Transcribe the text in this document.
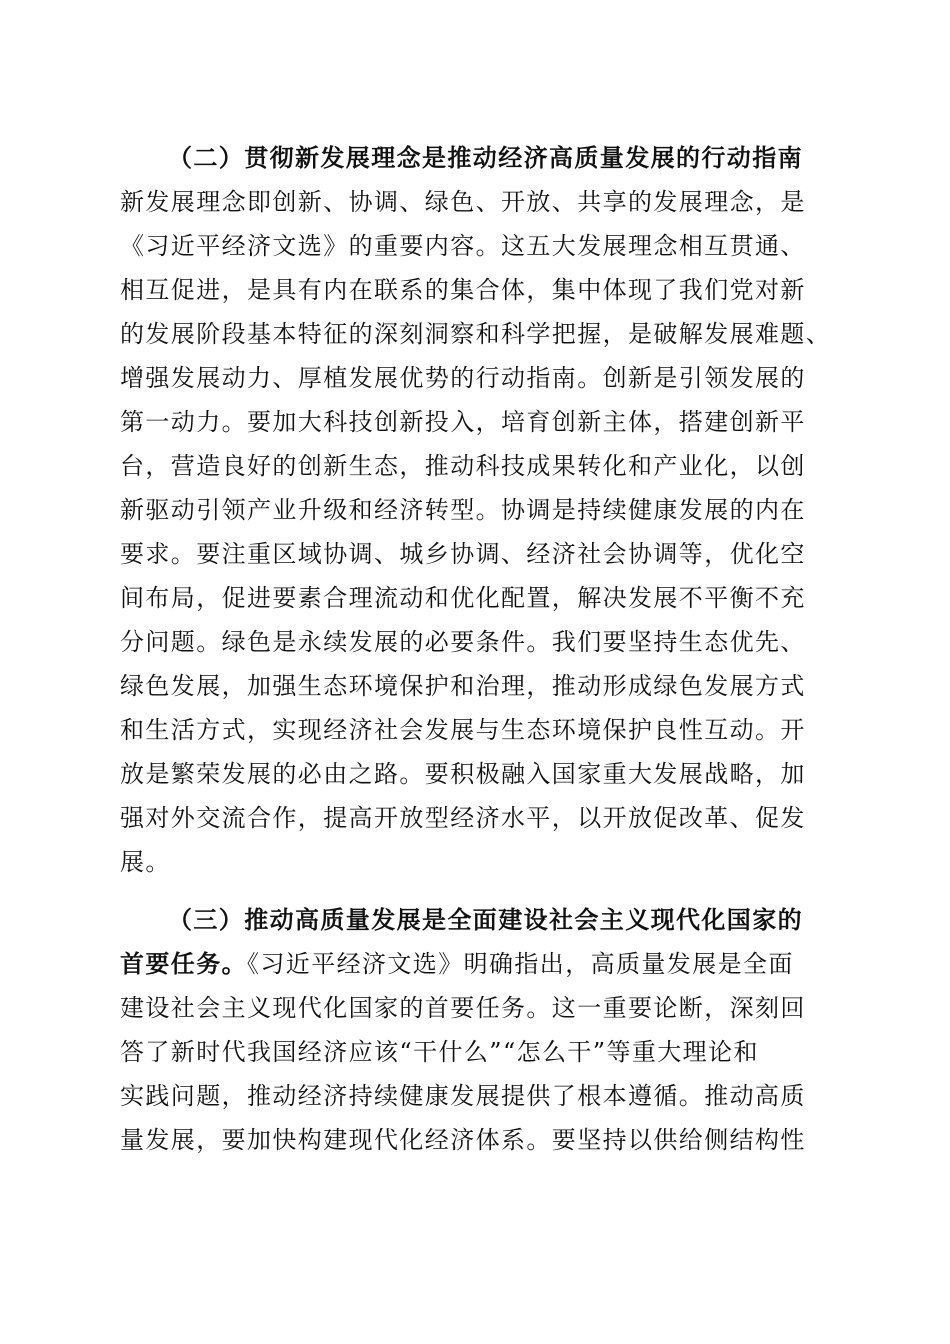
（二）贯彻新发展理念是推动经济高质量发展的行动指南
新发展理念即创新、协调、绿色、开放、共享的发展理念，是
《习近平经济文选》的重要内容。这五大发展理念相互贯通、
相互促进，是具有内在联系的集合体，集中体现了我们党对新
的发展阶段基本特征的深刻洞察和科学把握，是破解发展难题、
增强发展动力、厚植发展优势的行动指南。创新是引领发展的
第一动力。要加大科技创新投入，培育创新主体，搭建创新平
台，营造良好的创新生态，推动科技成果转化和产业化，以创
新驱动引领产业升级和经济转型。协调是持续健康发展的内在
要求。要注重区域协调、城乡协调、经济社会协调等，优化空
间布局，促进要素合理流动和优化配置，解决发展不平衡不充
分问题。绿色是永续发展的必要条件。我们要坚持生态优先、
绿色发展，加强生态环境保护和治理，推动形成绿色发展方式
和生活方式，实现经济社会发展与生态环境保护良性互动。开
放是繁荣发展的必由之路。要积极融入国家重大发展战略，加
强对外交流合作，提高开放型经济水平，以开放促改革、促发
展。
（三）推动高质量发展是全面建设社会主义现代化国家的
首要任务。《习近平经济文选》明确指出，高质量发展是全面
建设社会主义现代化国家的首要任务。这一重要论断，深刻回
答了新时代我国经济应该“干什么”“怎么干”等重大理论和
实践问题，推动经济持续健康发展提供了根本遵循。推动高质
量发展，要加快构建现代化经济体系。要坚持以供给侧结构性
